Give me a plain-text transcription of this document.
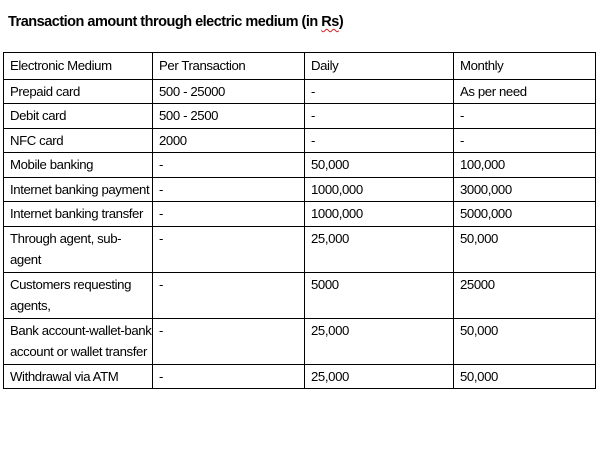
Transaction amount through electric medium (in Rs)
Electronic Medium	Per Transaction	Daily	Monthly
Prepaid card	500 - 25000	-	As per need
Debit card	500 - 2500	-	-
NFC card	2000	-	-
Mobile banking	-	50,000	100,000
Internet banking payment	-	1000,000	3000,000
Internet banking transfer	-	1000,000	5000,000
Through agent, sub-agent	-	25,000	50,000
Customers requesting agents,	-	5000	25000
Bank account-wallet-bank account or wallet transfer	-	25,000	50,000
Withdrawal via ATM	-	25,000	50,000
